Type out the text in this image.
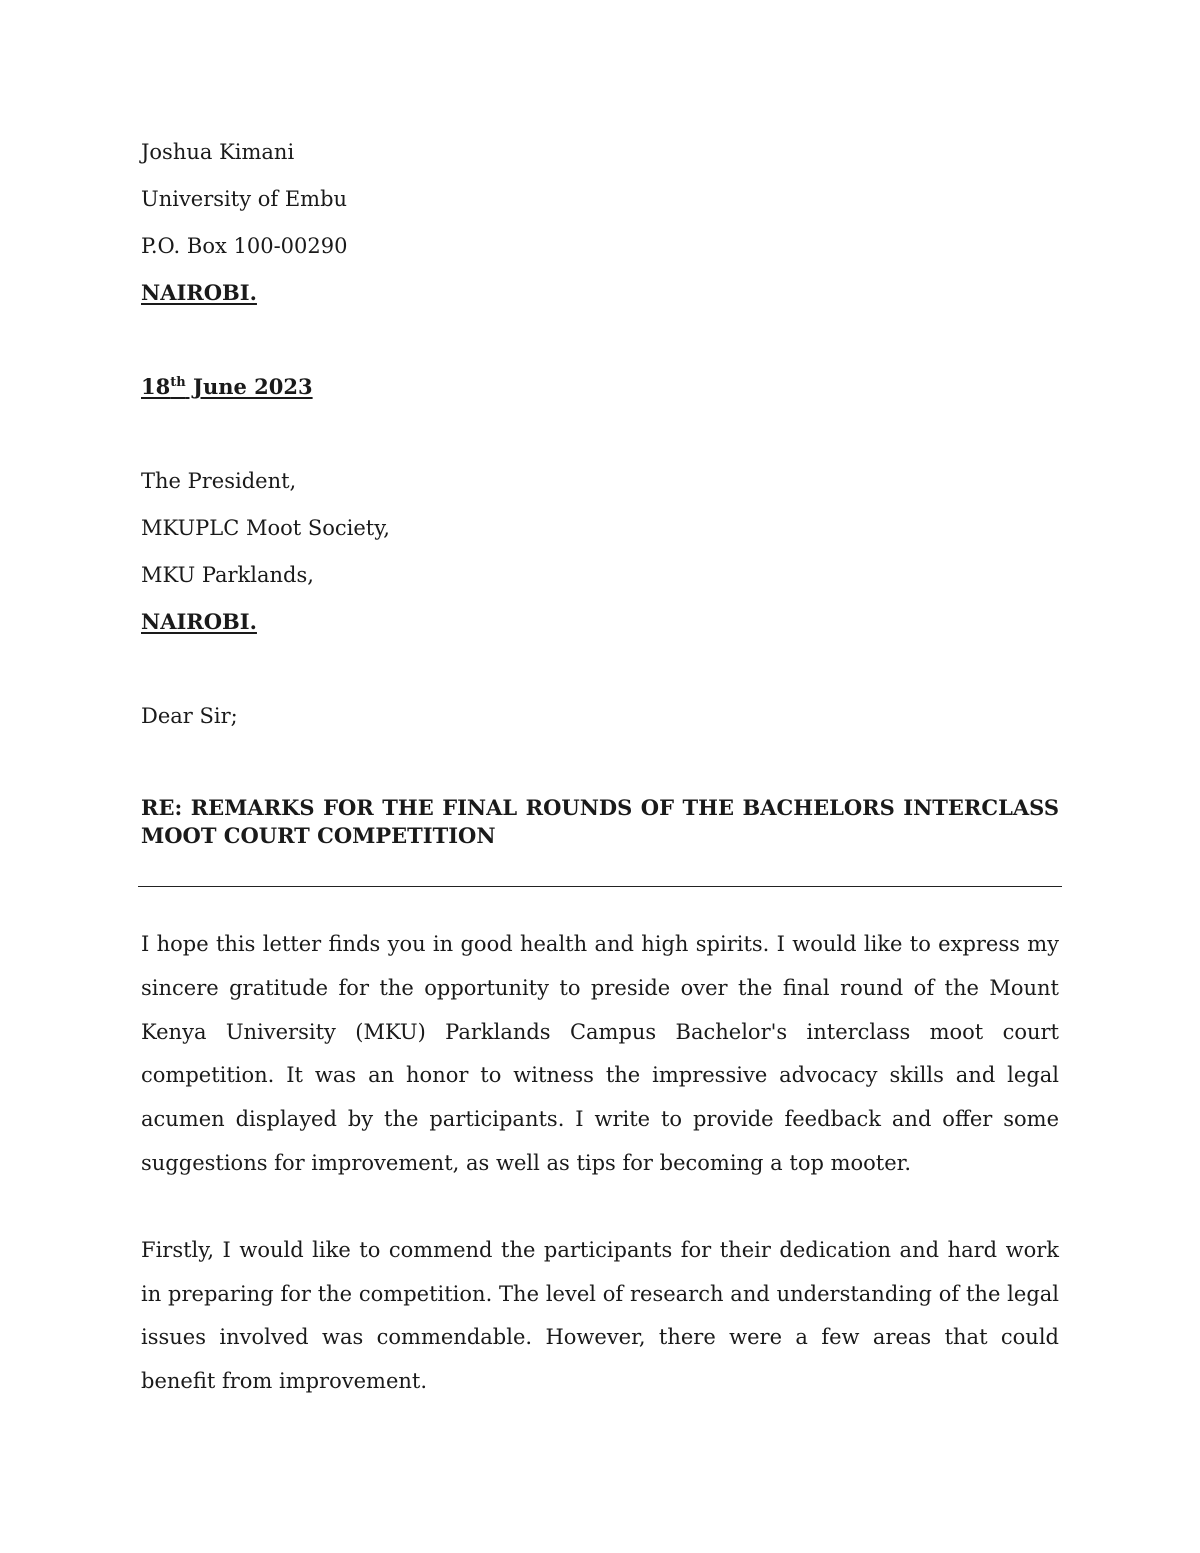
Joshua Kimani

University of Embu

P.O. Box 100-00290

NAIROBI.

18th June 2023

The President,

MKUPLC Moot Society,

MKU Parklands,

NAIROBI.

Dear Sir;

RE: REMARKS FOR THE FINAL ROUNDS OF THE BACHELORS INTERCLASS MOOT COURT COMPETITION

I hope this letter finds you in good health and high spirits. I would like to express my sincere gratitude for the opportunity to preside over the final round of the Mount Kenya University (MKU) Parklands Campus Bachelor's interclass moot court competition. It was an honor to witness the impressive advocacy skills and legal acumen displayed by the participants. I write to provide feedback and offer some suggestions for improvement, as well as tips for becoming a top mooter.

Firstly, I would like to commend the participants for their dedication and hard work in preparing for the competition. The level of research and understanding of the legal issues involved was commendable. However, there were a few areas that could benefit from improvement.
